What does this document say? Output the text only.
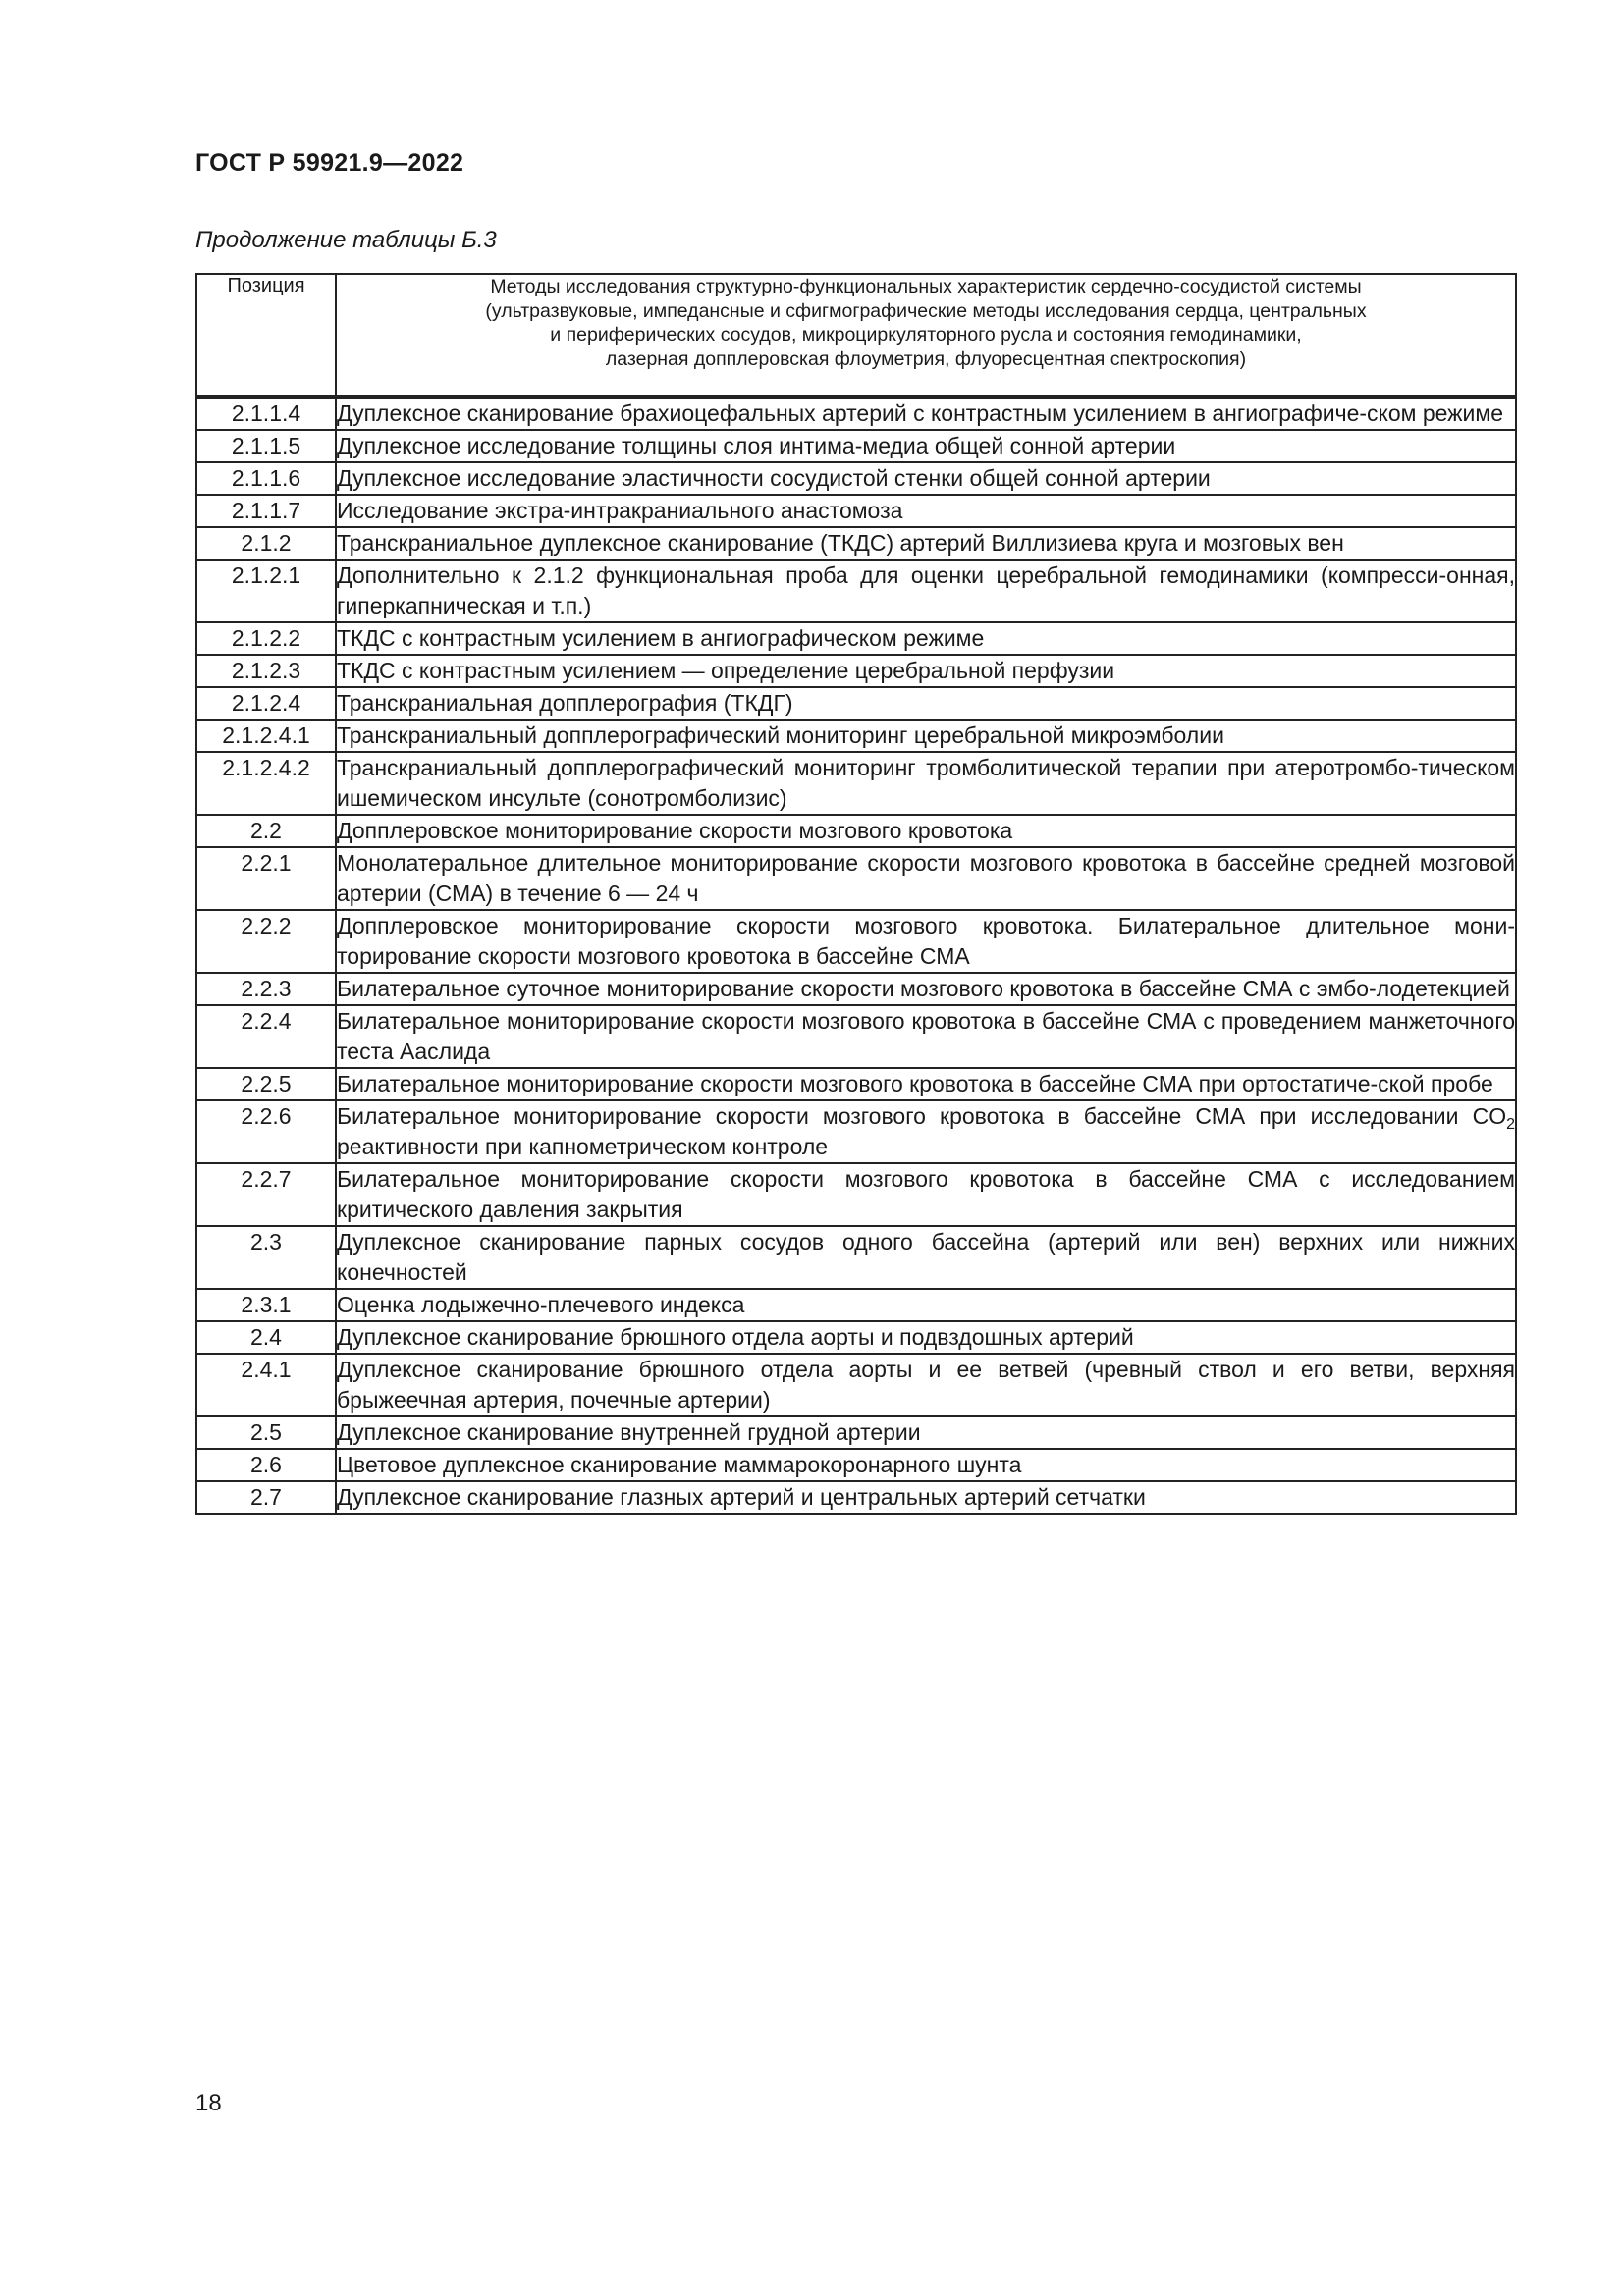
ГОСТ Р 59921.9—2022
Продолжение таблицы Б.3
Позиция	Методы исследования структурно-функциональных характеристик сердечно-сосудистой системы
(ультразвуковые, импедансные и сфигмографические методы исследования сердца, центральных
и периферических сосудов, микроциркуляторного русла и состояния гемодинамики,
лазерная допплеровская флоуметрия, флуоресцентная спектроскопия)

2.1.1.4	Дуплексное сканирование брахиоцефальных артерий с контрастным усилением в ангиографиче-ском режиме
2.1.1.5	Дуплексное исследование толщины слоя интима-медиа общей сонной артерии
2.1.1.6	Дуплексное исследование эластичности сосудистой стенки общей сонной артерии
2.1.1.7	Исследование экстра-интракраниального анастомоза
2.1.2	Транскраниальное дуплексное сканирование (ТКДС) артерий Виллизиева круга и мозговых вен
2.1.2.1	Дополнительно к 2.1.2 функциональная проба для оценки церебральной гемодинамики (компресси-онная, гиперкапническая и т.п.)
2.1.2.2	ТКДС с контрастным усилением в ангиографическом режиме
2.1.2.3	ТКДС с контрастным усилением — определение церебральной перфузии
2.1.2.4	Транскраниальная допплерография (ТКДГ)
2.1.2.4.1	Транскраниальный допплерографический мониторинг церебральной микроэмболии
2.1.2.4.2	Транскраниальный допплерографический мониторинг тромболитической терапии при атеротромбо-тическом ишемическом инсульте (сонотромболизис)
2.2	Допплеровское мониторирование скорости мозгового кровотока
2.2.1	Монолатеральное длительное мониторирование скорости мозгового кровотока в бассейне средней мозговой артерии (СМА) в течение 6 — 24 ч
2.2.2	Допплеровское мониторирование скорости мозгового кровотока. Билатеральное длительное мони-торирование скорости мозгового кровотока в бассейне СМА
2.2.3	Билатеральное суточное мониторирование скорости мозгового кровотока в бассейне СМА с эмбо-лодетекцией
2.2.4	Билатеральное мониторирование скорости мозгового кровотока в бассейне СМА с проведением манжеточного теста Аaслида
2.2.5	Билатеральное мониторирование скорости мозгового кровотока в бассейне СМА при ортостатиче-ской пробе
2.2.6	Билатеральное мониторирование скорости мозгового кровотока в бассейне СМА при исследовании $CO_2$ реактивности при капнометрическом контроле
2.2.7	Билатеральное мониторирование скорости мозгового кровотока в бассейне СМА с исследованием критического давления закрытия
2.3	Дуплексное сканирование парных сосудов одного бассейна (артерий или вен) верхних или нижних конечностей
2.3.1	Оценка лодыжечно-плечевого индекса
2.4	Дуплексное сканирование брюшного отдела аорты и подвздошных артерий
2.4.1	Дуплексное сканирование брюшного отдела аорты и ее ветвей (чревный ствол и его ветви, верхняя брыжеечная артерия, почечные артерии)
2.5	Дуплексное сканирование внутренней грудной артерии
2.6	Цветовое дуплексное сканирование маммарокоронарного шунта
2.7	Дуплексное сканирование глазных артерий и центральных артерий сетчатки
18
